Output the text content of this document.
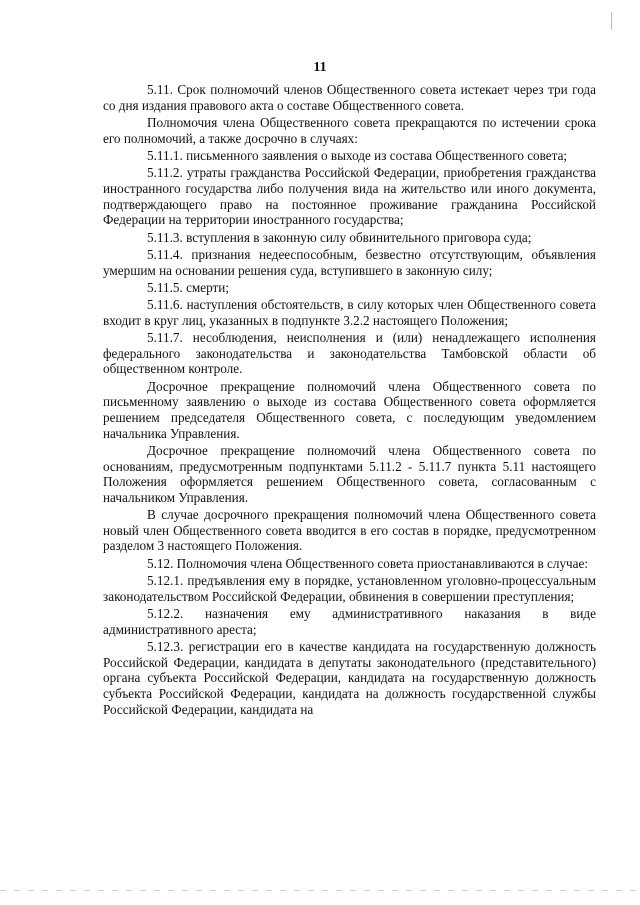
11

5.11. Срок полномочий членов Общественного совета истекает через три года со дня издания правового акта о составе Общественного совета.

Полномочия члена Общественного совета прекращаются по истечении срока его полномочий, а также досрочно в случаях:

5.11.1. письменного заявления о выходе из состава Общественного совета;

5.11.2. утраты гражданства Российской Федерации, приобретения гражданства иностранного государства либо получения вида на жительство или иного документа, подтверждающего право на постоянное проживание гражданина Российской Федерации на территории иностранного государства;

5.11.3. вступления в законную силу обвинительного приговора суда;

5.11.4. признания недееспособным, безвестно отсутствующим, объявления умершим на основании решения суда, вступившего в законную силу;

5.11.5. смерти;

5.11.6. наступления обстоятельств, в силу которых член Общественного совета входит в круг лиц, указанных в подпункте 3.2.2 настоящего Положения;

5.11.7. несоблюдения, неисполнения и (или) ненадлежащего исполнения федерального законодательства и законодательства Тамбовской области об общественном контроле.

Досрочное прекращение полномочий члена Общественного совета по письменному заявлению о выходе из состава Общественного совета оформляется решением председателя Общественного совета, с последующим уведомлением начальника Управления.

Досрочное прекращение полномочий члена Общественного совета по основаниям, предусмотренным подпунктами 5.11.2 - 5.11.7 пункта 5.11 настоящего Положения оформляется решением Общественного совета, согласованным с начальником Управления.

В случае досрочного прекращения полномочий члена Общественного совета новый член Общественного совета вводится в его состав в порядке, предусмотренном разделом 3 настоящего Положения.

5.12. Полномочия члена Общественного совета приостанавливаются в случае:

5.12.1. предъявления ему в порядке, установленном уголовно-процессуальным законодательством Российской Федерации, обвинения в совершении преступления;

5.12.2. назначения ему административного наказания в виде административного ареста;

5.12.3. регистрации его в качестве кандидата на государственную должность Российской Федерации, кандидата в депутаты законодательного (представительного) органа субъекта Российской Федерации, кандидата на государственную должность субъекта Российской Федерации, кандидата на должность государственной службы Российской Федерации, кандидата на
